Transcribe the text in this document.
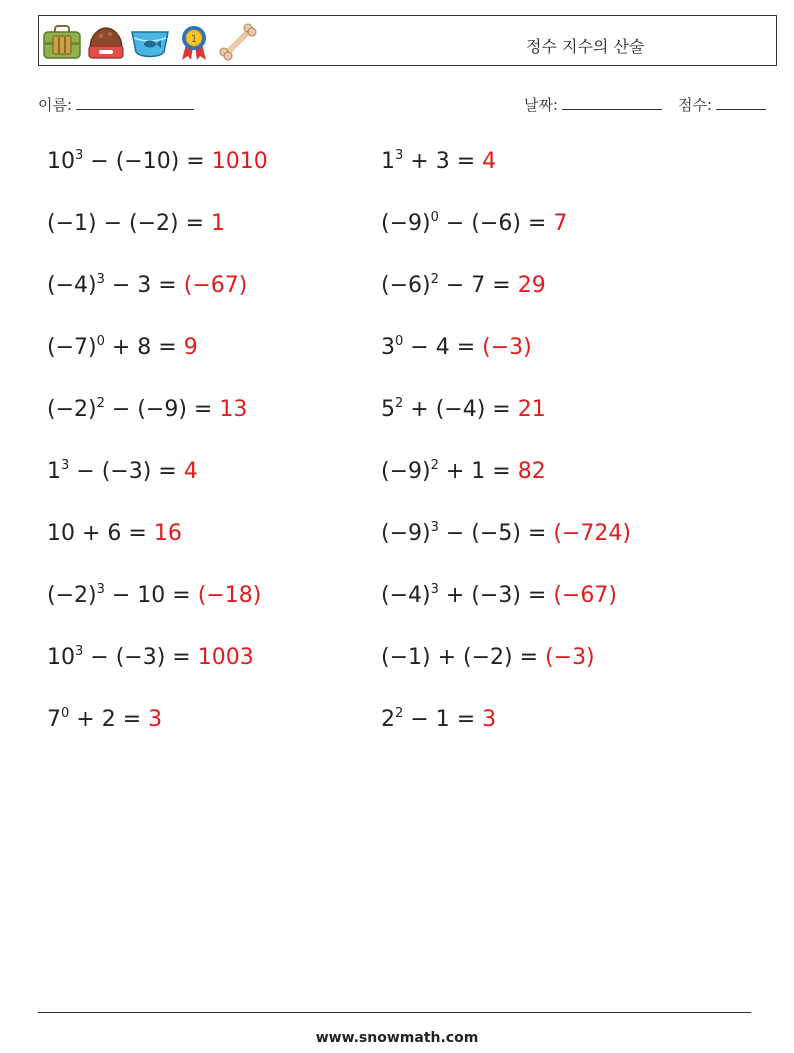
1	정수 지수의 산술
이름:	날짜:	점수:
$10^3 - (-10) = 1010$	$1^3 + 3 = 4$
(−1) − (−2) = 1	$(-9)^0 - (-6) = 7$
$(-4)^3 - 3 = (-67)$	$(-6)^2 - 7 = 29$
$(-7)^0 + 8 = 9$	$3^0 - 4 = (-3)$
$(-2)^2 - (-9) = 13$	$5^2 + (-4) = 21$
$1^3 - (-3) = 4$	$(-9)^2 + 1 = 82$
10 + 6 = 16	$(-9)^3 - (-5) = (-724)$
$(-2)^3 - 10 = (-18)$	$(-4)^3 + (-3) = (-67)$
$10^3 - (-3) = 1003$	(−1) + (−2) = (−3)
$7^0 + 2 = 3$	$2^2 - 1 = 3$
www.snowmath.com
